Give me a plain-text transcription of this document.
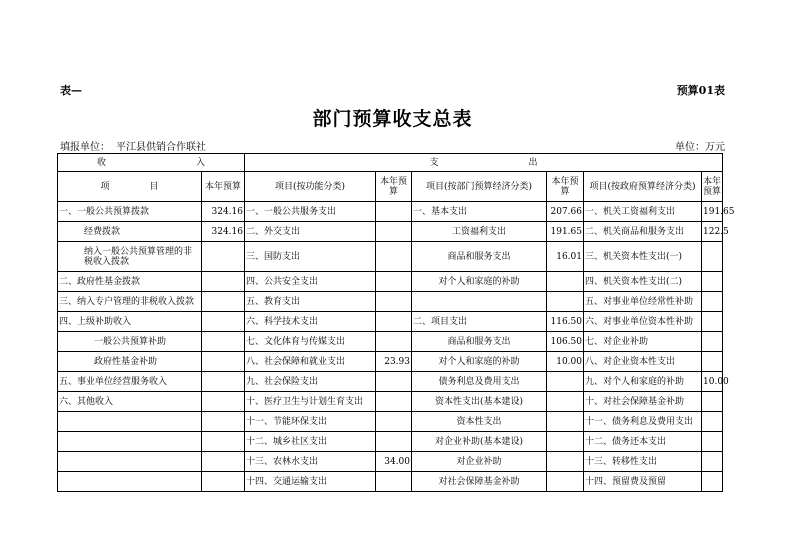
表—	预算01表
部门预算收支总表
填报单位： 平江县供销合作联社	单位：万元
收 入		支 出					
项 目	本年预算	项目(按功能分类)	本年预算	项目(按部门预算经济分类)	本年预算	项目(按政府预算经济分类)	本年预算
一、一般公共预算拨款	324.16	一、一般公共服务支出		一、基本支出	207.66	一、机关工资福利支出	191.65
经费拨款	324.16	二、外交支出		工资福利支出	191.65	二、机关商品和服务支出	122.5
纳入一般公共预算管理的非税收入拨款		三、国防支出		商品和服务支出	16.01	三、机关资本性支出(一)	
二、政府性基金拨款		四、公共安全支出		对个人和家庭的补助		四、机关资本性支出(二)	
三、纳入专户管理的非税收入拨款		五、教育支出				五、对事业单位经常性补助	
四、上级补助收入		六、科学技术支出		二、项目支出	116.50	六、对事业单位资本性补助	
一般公共预算补助		七、文化体育与传媒支出		商品和服务支出	106.50	七、对企业补助	
政府性基金补助		八、社会保障和就业支出	23.93	对个人和家庭的补助	10.00	八、对企业资本性支出	
五、事业单位经营服务收入		九、社会保险支出		债务利息及费用支出		九、对个人和家庭的补助	10.00
六、其他收入		十、医疗卫生与计划生育支出		资本性支出(基本建设)		十、对社会保障基金补助	
		十一、节能环保支出		资本性支出		十一、债务利息及费用支出	
		十二、城乡社区支出		对企业补助(基本建设)		十二、债务还本支出	
		十三、农林水支出	34.00	对企业补助		十三、转移性支出	
		十四、交通运输支出		对社会保障基金补助		十四、预留费及预留	
